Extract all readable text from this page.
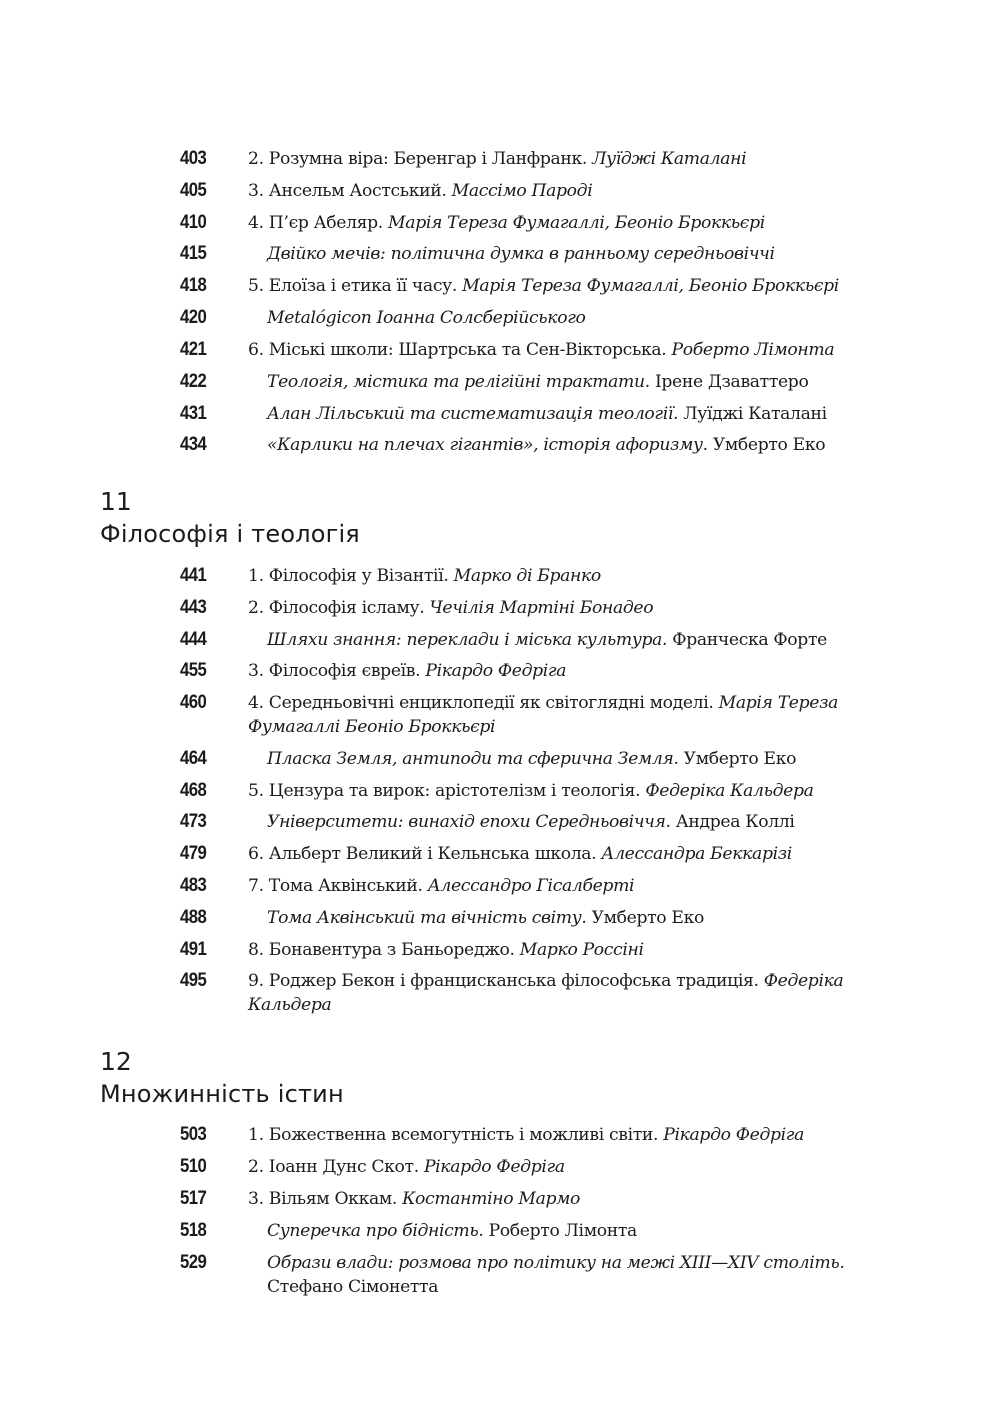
403 2. Розумна віра: Беренгар і Ланфранк. Луїджі Каталані
405 3. Ансельм Аостський. Массімо Пароді
410 4. П’єр Абеляр. Марія Тереза Фумагаллі, Беоніо Броккьєрі
415	Двійко мечів: політична думка в ранньому середньовіччі
418 5. Елоїза і етика її часу. Марія Тереза Фумагаллі, Беоніо Броккьєрі
420	Metalógicon Іоанна Солсберійського
421 6. Міські школи: Шартрська та Сен-Вікторська. Роберто Лімонта
422	Теологія, містика та релігійні трактати. Ірене Дзаваттеро
431	Алан Лільський та систематизація теології. Луїджі Каталані
434	«Карлики на плечах гігантів», історія афоризму. Умберто Еко
11
Філософія і теологія
441 1. Філософія у Візантії. Марко ді Бранко
443 2. Філософія ісламу. Чечілія Мартіні Бонадео
444	Шляхи знання: переклади і міська культура. Франческа Форте
455 3. Філософія євреїв. Рікардо Федріга
460 4. Середньовічні енциклопедії як світоглядні моделі. Марія Тереза Фумагаллі Беоніо Броккьєрі
464	Пласка Земля, антиподи та сферична Земля. Умберто Еко
468 5. Цензура та вирок: арістотелізм і теологія. Федеріка Кальдера
473	Університети: винахід епохи Середньовіччя. Андреа Коллі
479 6. Альберт Великий і Кельнська школа. Алессандра Беккарізі
483 7. Тома Аквінський. Алессандро Гісалберті
488	Тома Аквінський та вічність світу. Умберто Еко
491 8. Бонавентура з Баньореджо. Марко Россіні
495 9. Роджер Бекон і францисканська філософська традиція. Федеріка Кальдера
12
Множинність істин
503 1. Божественна всемогутність і можливі світи. Рікардо Федріга
510 2. Іоанн Дунс Скот. Рікардо Федріга
517 3. Вільям Оккам. Костантіно Мармо
518	Суперечка про бідність. Роберто Лімонта
529	Образи влади: розмова про політику на межі XIII—XIV століть. Стефано Сімонетта
